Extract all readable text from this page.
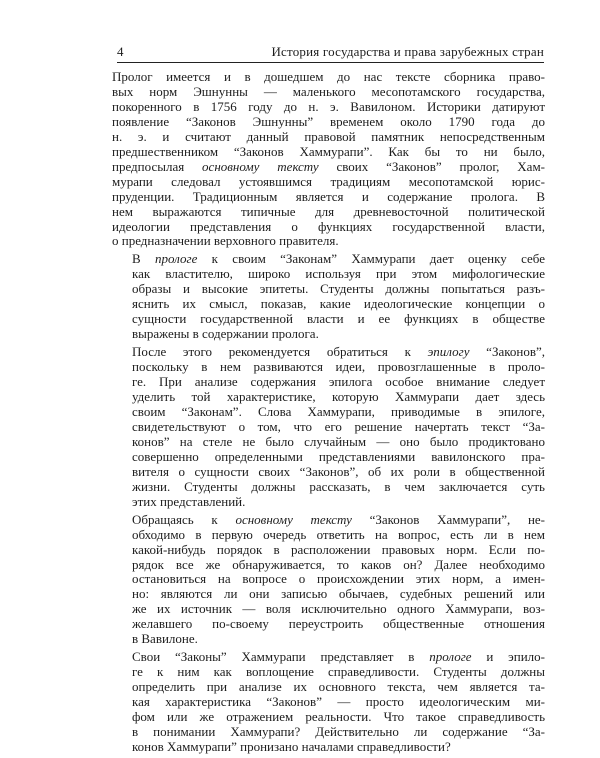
4	История государства и права зарубежных стран
Пролог имеется и в дошедшем до нас тексте сборника право-
вых норм Эшнунны — маленького месопотамского государства,
покоренного в 1756 году до н. э. Вавилоном. Историки датируют
появление “Законов Эшнунны” временем около 1790 года до
н. э. и считают данный правовой памятник непосредственным
предшественником “Законов Хаммурапи”. Как бы то ни было,
предпосылая основному тексту своих “Законов” пролог, Хам-
мурапи следовал устоявшимся традициям месопотамской юрис-
пруденции. Традиционным является и содержание пролога. В
нем выражаются типичные для древневосточной политической
идеологии представления о функциях государственной власти,
о предназначении верховного правителя.
В прологе к своим “Законам” Хаммурапи дает оценку себе
как властителю, широко используя при этом мифологические
образы и высокие эпитеты. Студенты должны попытаться разъ-
яснить их смысл, показав, какие идеологические концепции о
сущности государственной власти и ее функциях в обществе
выражены в содержании пролога.
После этого рекомендуется обратиться к эпилогу “Законов”,
поскольку в нем развиваются идеи, провозглашенные в проло-
ге. При анализе содержания эпилога особое внимание следует
уделить той характеристике, которую Хаммурапи дает здесь
своим “Законам”. Слова Хаммурапи, приводимые в эпилоге,
свидетельствуют о том, что его решение начертать текст “За-
конов” на стеле не было случайным — оно было продиктовано
совершенно определенными представлениями вавилонского пра-
вителя о сущности своих “Законов”, об их роли в общественной
жизни. Студенты должны рассказать, в чем заключается суть
этих представлений.
Обращаясь к основному тексту “Законов Хаммурапи”, не-
обходимо в первую очередь ответить на вопрос, есть ли в нем
какой-нибудь порядок в расположении правовых норм. Если по-
рядок все же обнаруживается, то каков он? Далее необходимо
остановиться на вопросе о происхождении этих норм, а имен-
но: являются ли они записью обычаев, судебных решений или
же их источник — воля исключительно одного Хаммурапи, воз-
желавшего по-своему переустроить общественные отношения
в Вавилоне.
Свои “Законы” Хаммурапи представляет в прологе и эпило-
ге к ним как воплощение справедливости. Студенты должны
определить при анализе их основного текста, чем является та-
кая характеристика “Законов” — просто идеологическим ми-
фом или же отражением реальности. Что такое справедливость
в понимании Хаммурапи? Действительно ли содержание “За-
конов Хаммурапи” пронизано началами справедливости?
